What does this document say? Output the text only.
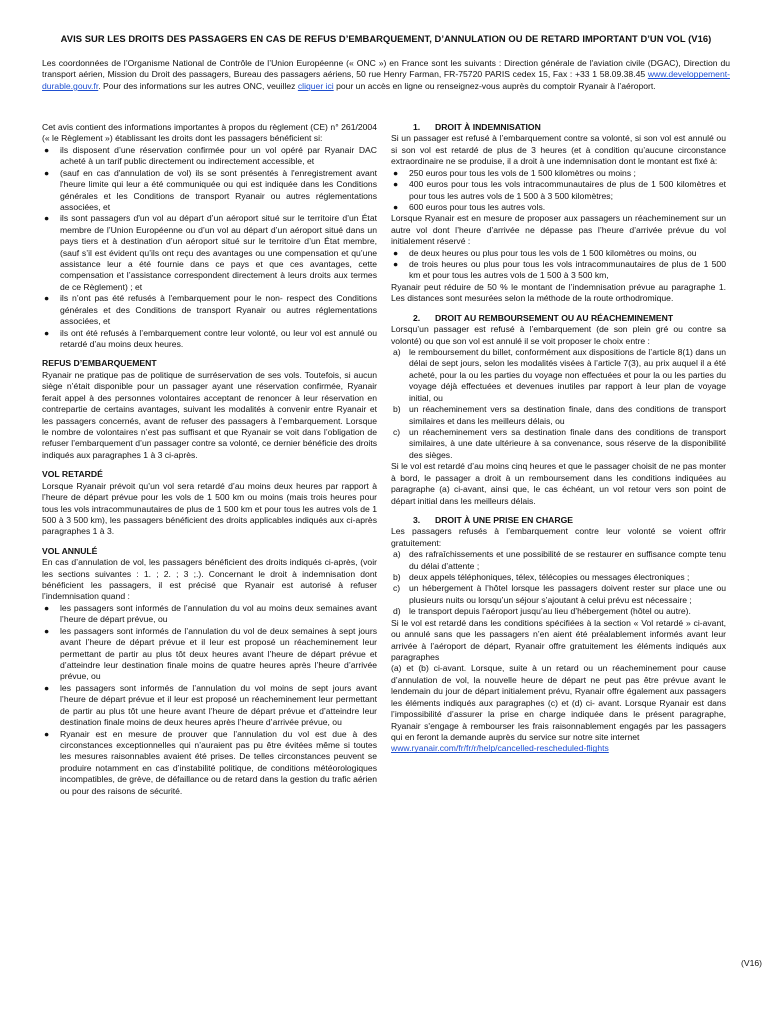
AVIS SUR LES DROITS DES PASSAGERS EN CAS DE REFUS D’EMBARQUEMENT, D’ANNULATION OU DE RETARD IMPORTANT D’UN VOL (V16)

Les coordonnées de l’Organisme National de Contrôle de l’Union Européenne (« ONC ») en France sont les suivants : Direction générale de l'aviation civile (DGAC), Direction du transport aérien, Mission du Droit des passagers, Bureau des passagers aériens, 50 rue Henry Farman, FR-75720 PARIS cedex 15, Fax : +33 1 58.09.38.45 www.developpement-durable.gouv.fr. Pour des informations sur les autres ONC, veuillez cliquer ici pour un accès en ligne ou renseignez-vous auprès du comptoir Ryanair à l’aéroport.

Cet avis contient des informations importantes à propos du règlement (CE) n° 261/2004 (« le Règlement ») établissant les droits dont les passagers bénéficient si:

● ils disposent d’une réservation confirmée pour un vol opéré par Ryanair DAC acheté à un tarif public directement ou indirectement accessible, et
● (sauf en cas d'annulation de vol) ils se sont présentés à l'enregistrement avant l'heure limite qui leur a été communiquée ou qui est indiquée dans les Conditions générales et les Conditions de transport Ryanair ou autres réglementations associées, et
● ils sont passagers d'un vol au départ d’un aéroport situé sur le territoire d’un État membre de l’Union Européenne ou d’un vol au départ d’un aéroport situé dans un pays tiers et à destination d’un aéroport situé sur le territoire d’un État membre, (sauf s’il est évident qu’ils ont reçu des avantages ou une compensation et qu’une assistance leur a été fournie dans ce pays et que ces avantages, cette compensation et l’assistance correspondent directement à leurs droits aux termes de ce Règlement) ; et
● ils n’ont pas été refusés à l'embarquement pour le non- respect des Conditions générales et des Conditions de transport Ryanair ou autres réglementations associées, et
● ils ont été refusés à l’embarquement contre leur volonté, ou leur vol est annulé ou retardé d’au moins deux heures.

REFUS D’EMBARQUEMENT

Ryanair ne pratique pas de politique de surréservation de ses vols. Toutefois, si aucun siège n’était disponible pour un passager ayant une réservation confirmée, Ryanair ferait appel à des personnes volontaires acceptant de renoncer à leur réservation en contrepartie de certains avantages, suivant les modalités à convenir entre Ryanair et les passagers concernés, avant de refuser des passagers à l’embarquement. Lorsque le nombre de volontaires n’est pas suffisant et que Ryanair se voit dans l’obligation de refuser l’embarquement d’un passager contre sa volonté, ce dernier bénéficie des droits indiqués aux paragraphes 1 à 3 ci-après.

VOL RETARDÉ

Lorsque Ryanair prévoit qu’un vol sera retardé d’au moins deux heures par rapport à l’heure de départ prévue pour les vols de 1 500 km ou moins (mais trois heures pour tous les vols intracommunautaires de plus de 1 500 km et pour tous les autres vols de 1 500 à 3 500 km), les passagers bénéficient des droits applicables indiqués aux ci-après paragraphes 1 à 3.

VOL ANNULÉ

En cas d’annulation de vol, les passagers bénéficient des droits indiqués ci-après, (voir les sections suivantes : 1. ; 2. ; 3 ;.). Concernant le droit à indemnisation dont bénéficient les passagers, il est précisé que Ryanair est autorisé à refuser l’indemnisation quand :

● les passagers sont informés de l’annulation du vol au moins deux semaines avant l’heure de départ prévue, ou
● les passagers sont informés de l’annulation du vol de deux semaines à sept jours avant l’heure de départ prévue et il leur est proposé un réacheminement leur permettant de partir au plus tôt deux heures avant l’heure de départ prévue et d’atteindre leur destination finale moins de quatre heures après l’heure d’arrivée prévue, ou
● les passagers sont informés de l’annulation du vol moins de sept jours avant l’heure de départ prévue et il leur est proposé un réacheminement leur permettant de partir au plus tôt une heure avant l’heure de départ prévue et d’atteindre leur destination finale moins de deux heures après l’heure d’arrivée prévue, ou
● Ryanair est en mesure de prouver que l’annulation du vol est due à des circonstances exceptionnelles qui n’auraient pas pu être évitées même si toutes les mesures raisonnables avaient été prises. De telles circonstances peuvent se produire notamment en cas d’instabilité politique, de conditions météorologiques incompatibles, de grève, de défaillance ou de retard dans la gestion du trafic aérien ou pour des raisons de sécurité.

1. DROIT À INDEMNISATION

Si un passager est refusé à l’embarquement contre sa volonté, si son vol est annulé ou si son vol est retardé de plus de 3 heures (et à condition qu’aucune circonstance extraordinaire ne se produise, il a droit à une indemnisation dont le montant est fixé à:

● 250 euros pour tous les vols de 1 500 kilomètres ou moins ;
● 400 euros pour tous les vols intracommunautaires de plus de 1 500 kilomètres et pour tous les autres vols de 1 500 à 3 500 kilomètres;
● 600 euros pour tous les autres vols.

Lorsque Ryanair est en mesure de proposer aux passagers un réacheminement sur un autre vol dont l’heure d’arrivée ne dépasse pas l’heure d’arrivée prévue du vol initialement réservé :

● de deux heures ou plus pour tous les vols de 1 500 kilomètres ou moins, ou
● de trois heures ou plus pour tous les vols intracommunautaires de plus de 1 500 km et pour tous les autres vols de 1 500 à 3 500 km,

Ryanair peut réduire de 50 % le montant de l’indemnisation prévue au paragraphe 1. Les distances sont mesurées selon la méthode de la route orthodromique.

2. DROIT AU REMBOURSEMENT OU AU RÉACHEMINEMENT

Lorsqu’un passager est refusé à l’embarquement (de son plein gré ou contre sa volonté) ou que son vol est annulé il se voit proposer le choix entre :

a) le remboursement du billet, conformément aux dispositions de l’article 8(1) dans un délai de sept jours, selon les modalités visées à l’article 7(3), au prix auquel il a été acheté, pour la ou les parties du voyage non effectuées et pour la ou les parties du voyage déjà effectuées et devenues inutiles par rapport à leur plan de voyage initial, ou
b) un réacheminement vers sa destination finale, dans des conditions de transport similaires et dans les meilleurs délais, ou
c) un réacheminement vers sa destination finale dans des conditions de transport similaires, à une date ultérieure à sa convenance, sous réserve de la disponibilité des sièges.

Si le vol est retardé d’au moins cinq heures et que le passager choisit de ne pas monter à bord, le passager a droit à un remboursement dans les conditions indiquées au paragraphe (a) ci-avant, ainsi que, le cas échéant, un vol retour vers son point de départ initial dans les meilleurs délais.

3. DROIT À UNE PRISE EN CHARGE

Les passagers refusés à l’embarquement contre leur volonté se voient offrir gratuitement:

a) des rafraîchissements et une possibilité de se restaurer en suffisance compte tenu du délai d’attente ;
b) deux appels téléphoniques, télex, télécopies ou messages électroniques ;
c) un hébergement à l’hôtel lorsque les passagers doivent rester sur place une ou plusieurs nuits ou lorsqu’un séjour s’ajoutant à celui prévu est nécessaire ;
d) le transport depuis l’aéroport jusqu’au lieu d’hébergement (hôtel ou autre).

Si le vol est retardé dans les conditions spécifiées à la section « Vol retardé » ci-avant, ou annulé sans que les passagers n’en aient été préalablement informés avant leur arrivée à l’aéroport de départ, Ryanair offre gratuitement les éléments indiqués aux paragraphes

(a) et (b) ci-avant. Lorsque, suite à un retard ou un réacheminement pour cause d’annulation de vol, la nouvelle heure de départ ne peut pas être prévue avant le lendemain du jour de départ initialement prévu, Ryanair offre également aux passagers les éléments indiqués aux paragraphes (c) et (d) ci- avant. Lorsque Ryanair est dans l’impossibilité d’assurer la prise en charge indiquée dans le présent paragraphe, Ryanair s'engage à rembourser les frais raisonnablement engagés par les passagers qui en feront la demande auprès du service sur notre site internet

www.ryanair.com/fr/fr/r/help/cancelled-rescheduled-flights

(V16)
